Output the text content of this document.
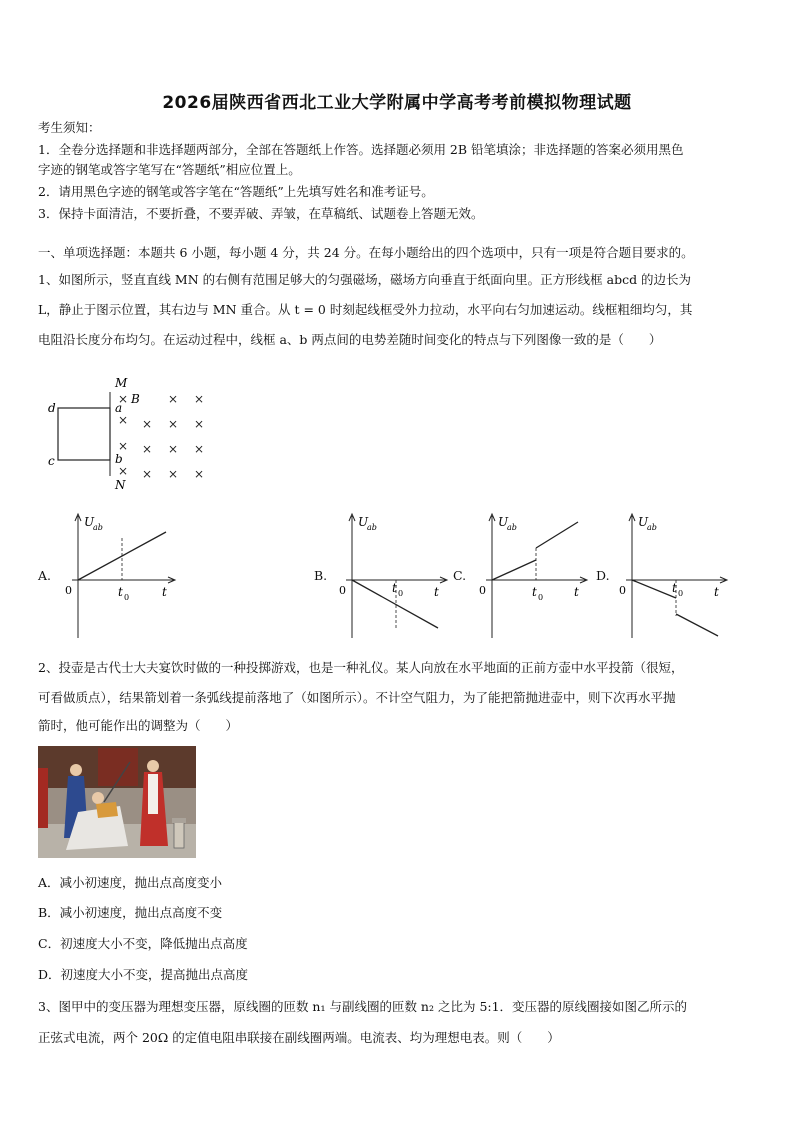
2026届陕西省西北工业大学附属中学高考考前模拟物理试题
考生须知：
1．全卷分选择题和非选择题两部分，全部在答题纸上作答。选择题必须用 2B 铅笔填涂；非选择题的答案必须用黑色
字迹的钢笔或答字笔写在“答题纸”相应位置上。
2．请用黑色字迹的钢笔或答字笔在“答题纸”上先填写姓名和准考证号。
3．保持卡面清洁，不要折叠，不要弄破、弄皱，在草稿纸、试题卷上答题无效。
一、单项选择题：本题共 6 小题，每小题 4 分，共 24 分。在每小题给出的四个选项中，只有一项是符合题目要求的。
1、如图所示，竖直直线 MN 的右侧有范围足够大的匀强磁场，磁场方向垂直于纸面向里。正方形线框 abcd 的边长为
L，静止于图示位置，其右边与 MN 重合。从 t = 0 时刻起线框受外力拉动，水平向右匀加速运动。线框粗细均匀，其
电阻沿长度分布均匀。在运动过程中，线框 a、b 两点间的电势差随时间变化的特点与下列图像一致的是（　　）
M
N
B
a
b
d
c
×
×
×
×
× ×
× ×
×
× ×
×
× ×
×
A.	B.	C.	D.
U
ab
0	t
t 0
U
ab
0	t
t 0
U
ab
0	t
t 0
U
ab
0	t
t 0
2、投壶是古代士大夫宴饮时做的一种投掷游戏，也是一种礼仪。某人向放在水平地面的正前方壶中水平投箭（很短，
可看做质点），结果箭划着一条弧线提前落地了（如图所示）。不计空气阻力，为了能把箭抛进壶中，则下次再水平抛
箭时，他可能作出的调整为（　　）
A．减小初速度，抛出点高度变小
B．减小初速度，抛出点高度不变
C．初速度大小不变，降低抛出点高度
D．初速度大小不变，提高抛出点高度
3、图甲中的变压器为理想变压器，原线圈的匝数 n₁ 与副线圈的匝数 n₂ 之比为 5:1．变压器的原线圈接如图乙所示的
正弦式电流，两个 20Ω 的定值电阻串联接在副线圈两端。电流表、均为理想电表。则（　　）
